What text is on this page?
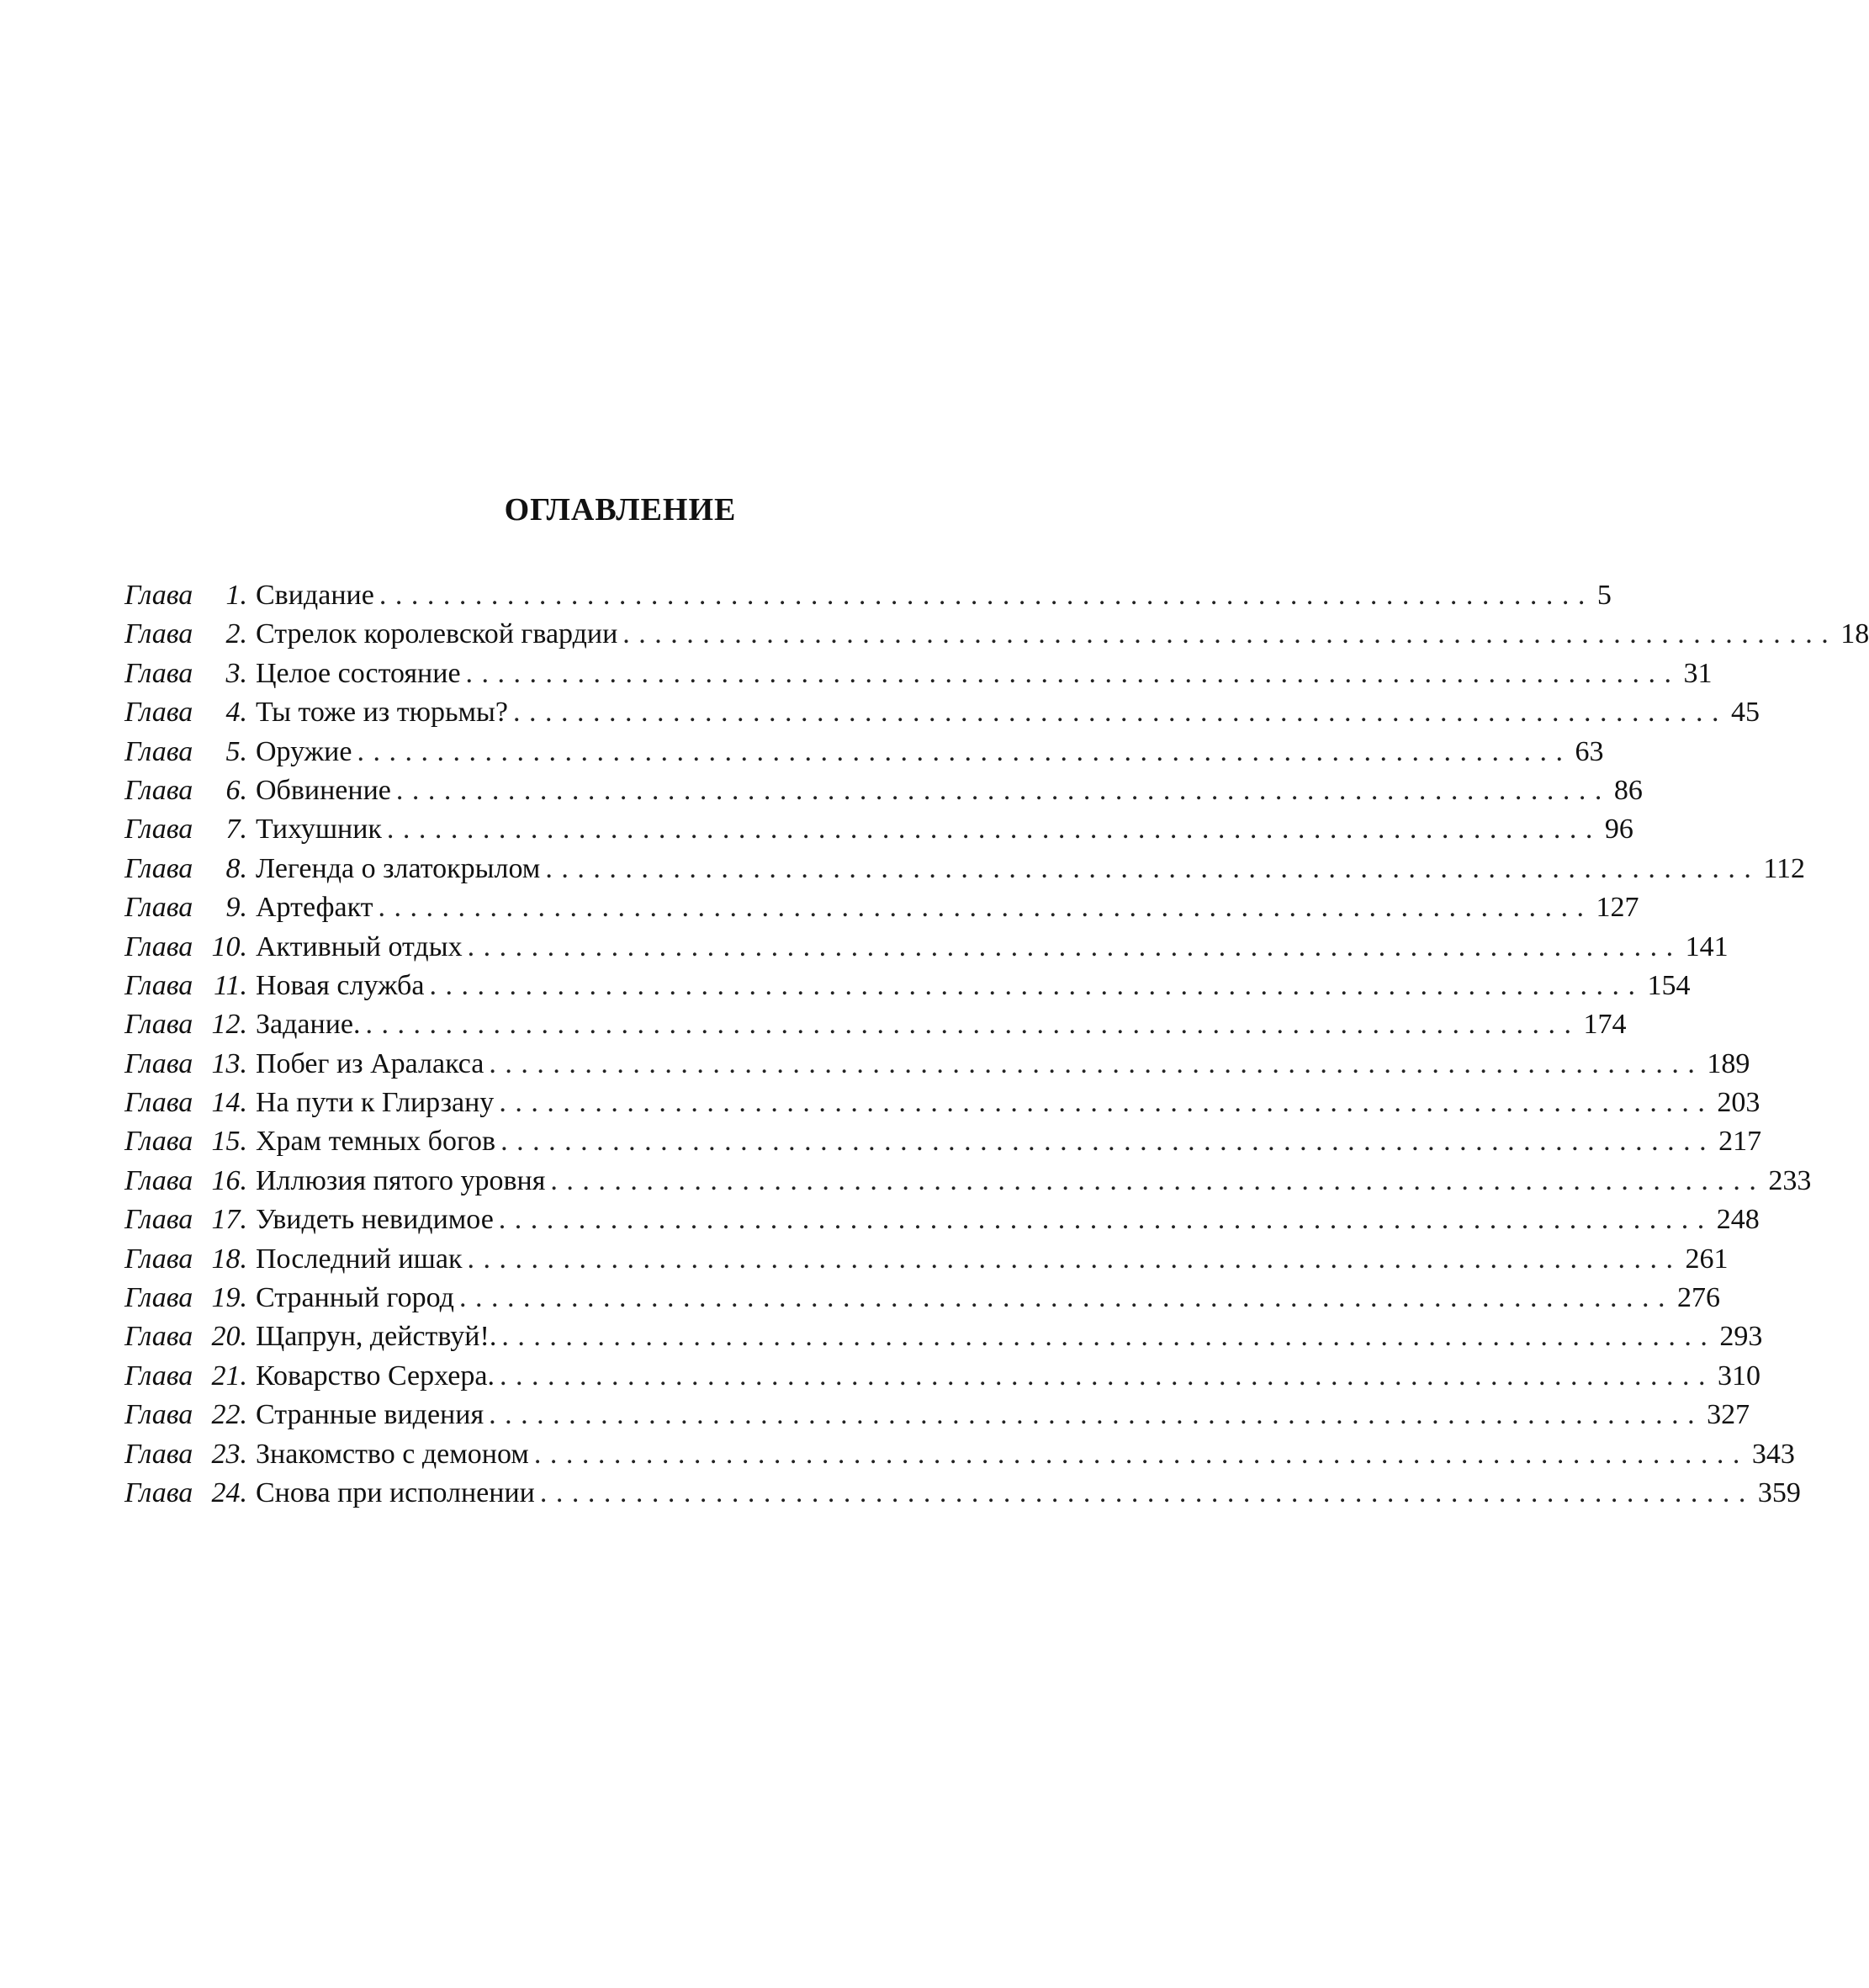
ОГЛАВЛЕНИЕ
Глава 1. Свидание ............................................................................ 5
Глава 2. Стрелок королевской гвардии ............................................................................ 18
Глава 3. Целое состояние ............................................................................ 31
Глава 4. Ты тоже из тюрьмы? ............................................................................ 45
Глава 5. Оружие ............................................................................ 63
Глава 6. Обвинение ............................................................................ 86
Глава 7. Тихушник ............................................................................ 96
Глава 8. Легенда о златокрылом ............................................................................ 112
Глава 9. Артефакт ............................................................................ 127
Глава 10. Активный отдых ............................................................................ 141
Глава 11. Новая служба ............................................................................ 154
Глава 12. Задание. ............................................................................ 174
Глава 13. Побег из Аралакса ............................................................................ 189
Глава 14. На пути к Глирзану ............................................................................ 203
Глава 15. Храм темных богов ............................................................................ 217
Глава 16. Иллюзия пятого уровня ............................................................................ 233
Глава 17. Увидеть невидимое ............................................................................ 248
Глава 18. Последний ишак ............................................................................ 261
Глава 19. Странный город ............................................................................ 276
Глава 20. Щапрун, действуй!. ............................................................................ 293
Глава 21. Коварство Серхера. ............................................................................ 310
Глава 22. Странные видения ............................................................................ 327
Глава 23. Знакомство с демоном ............................................................................ 343
Глава 24. Снова при исполнении ............................................................................ 359
